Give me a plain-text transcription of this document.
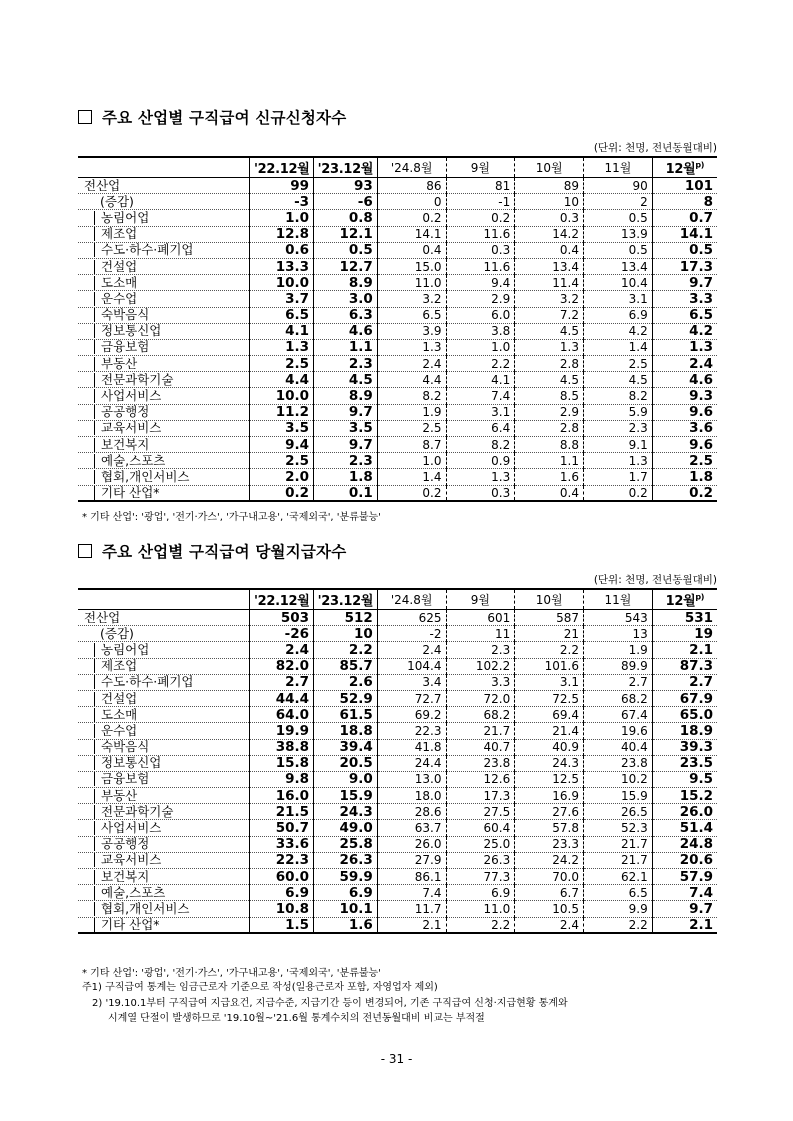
주요 산업별 구직급여 신규신청자수
(단위: 천명, 전년동월대비)
	'22.12월	'23.12월	'24.8월	9월	10월	11월	12월$^{p)}$
전산업	99	93	86	81	89	90	101
(증감)	-3	-6	0	-1	10	2	8

농림어업	1.0	0.8	0.2	0.2	0.3	0.5	0.7

제조업	12.8	12.1	14.1	11.6	14.2	13.9	14.1

수도·하수·폐기업	0.6	0.5	0.4	0.3	0.4	0.5	0.5

건설업	13.3	12.7	15.0	11.6	13.4	13.4	17.3

도소매	10.0	8.9	11.0	9.4	11.4	10.4	9.7

운수업	3.7	3.0	3.2	2.9	3.2	3.1	3.3

숙박음식	6.5	6.3	6.5	6.0	7.2	6.9	6.5

정보통신업	4.1	4.6	3.9	3.8	4.5	4.2	4.2

금융보험	1.3	1.1	1.3	1.0	1.3	1.4	1.3

부동산	2.5	2.3	2.4	2.2	2.8	2.5	2.4

전문과학기술	4.4	4.5	4.4	4.1	4.5	4.5	4.6

사업서비스	10.0	8.9	8.2	7.4	8.5	8.2	9.3

공공행정	11.2	9.7	1.9	3.1	2.9	5.9	9.6

교육서비스	3.5	3.5	2.5	6.4	2.8	2.3	3.6

보건복지	9.4	9.7	8.7	8.2	8.8	9.1	9.6

예술,스포츠	2.5	2.3	1.0	0.9	1.1	1.3	2.5

협회,개인서비스	2.0	1.8	1.4	1.3	1.6	1.7	1.8

기타 산업*	0.2	0.1	0.2	0.3	0.4	0.2	0.2
* 기타 산업': '광업', '전기·가스', '가구내고용', '국제외국', '분류불능'
주요 산업별 구직급여 당월지급자수
(단위: 천명, 전년동월대비)
	'22.12월	'23.12월	'24.8월	9월	10월	11월	12월$^{p)}$
전산업	503	512	625	601	587	543	531
(증감)	-26	10	-2	11	21	13	19

농림어업	2.4	2.2	2.4	2.3	2.2	1.9	2.1

제조업	82.0	85.7	104.4	102.2	101.6	89.9	87.3

수도·하수·폐기업	2.7	2.6	3.4	3.3	3.1	2.7	2.7

건설업	44.4	52.9	72.7	72.0	72.5	68.2	67.9

도소매	64.0	61.5	69.2	68.2	69.4	67.4	65.0

운수업	19.9	18.8	22.3	21.7	21.4	19.6	18.9

숙박음식	38.8	39.4	41.8	40.7	40.9	40.4	39.3

정보통신업	15.8	20.5	24.4	23.8	24.3	23.8	23.5

금융보험	9.8	9.0	13.0	12.6	12.5	10.2	9.5

부동산	16.0	15.9	18.0	17.3	16.9	15.9	15.2

전문과학기술	21.5	24.3	28.6	27.5	27.6	26.5	26.0

사업서비스	50.7	49.0	63.7	60.4	57.8	52.3	51.4

공공행정	33.6	25.8	26.0	25.0	23.3	21.7	24.8

교육서비스	22.3	26.3	27.9	26.3	24.2	21.7	20.6

보건복지	60.0	59.9	86.1	77.3	70.0	62.1	57.9

예술,스포츠	6.9	6.9	7.4	6.9	6.7	6.5	7.4

협회,개인서비스	10.8	10.1	11.7	11.0	10.5	9.9	9.7

기타 산업*	1.5	1.6	2.1	2.2	2.4	2.2	2.1
* 기타 산업': '광업', '전기·가스', '가구내고용', '국제외국', '분류불능'
주1) 구직급여 통계는 임금근로자 기준으로 작성(일용근로자 포함, 자영업자 제외)
2) '19.10.1부터 구직급여 지급요건, 지급수준, 지급기간 등이 변경되어, 기존 구직급여 신청·지급현황 통계와
시계열 단절이 발생하므로 '19.10월~'21.6월 통계수치의 전년동월대비 비교는 부적절
- 31 -
